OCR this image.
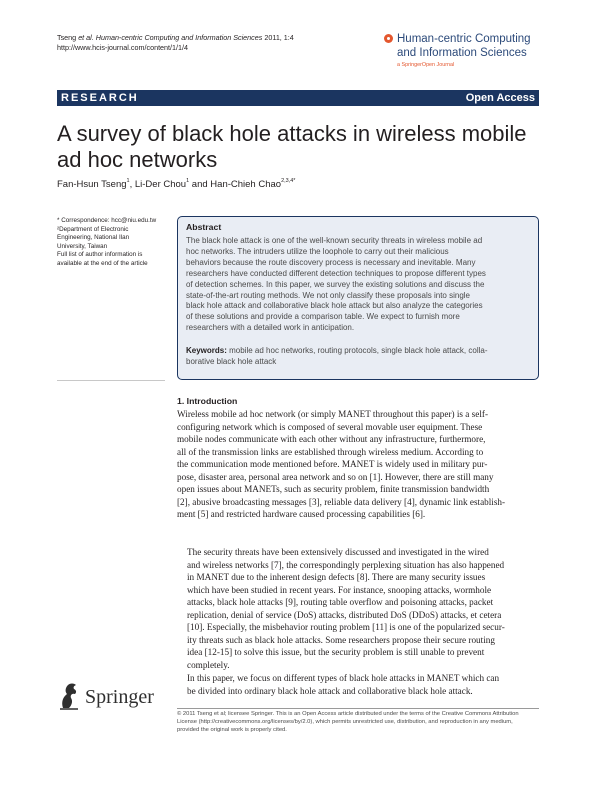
Tseng et al. Human-centric Computing and Information Sciences 2011, 1:4
http://www.hcis-journal.com/content/1/1/4
Human-centric Computing
and Information Sciences
a SpringerOpen Journal
RESEARCH	Open Access
A survey of black hole attacks in wireless mobile
ad hoc networks
Fan-Hsun Tseng$^1$, Li-Der Chou$^1$ and Han-Chieh Chao$^{2,3,4*}$
* Correspondence: hcc@niu.edu.tw
²Department of Electronic
Engineering, National Ilan
University, Taiwan
Full list of author information is
available at the end of the article
Abstract
The black hole attack is one of the well-known security threats in wireless mobile ad
hoc networks. The intruders utilize the loophole to carry out their malicious
behaviors because the route discovery process is necessary and inevitable. Many
researchers have conducted different detection techniques to propose different types
of detection schemes. In this paper, we survey the existing solutions and discuss the
state-of-the-art routing methods. We not only classify these proposals into single
black hole attack and collaborative black hole attack but also analyze the categories
of these solutions and provide a comparison table. We expect to furnish more
researchers with a detailed work in anticipation.
Keywords: mobile ad hoc networks, routing protocols, single black hole attack, colla-
borative black hole attack
1. Introduction
Wireless mobile ad hoc network (or simply MANET throughout this paper) is a self-
configuring network which is composed of several movable user equipment. These
mobile nodes communicate with each other without any infrastructure, furthermore,
all of the transmission links are established through wireless medium. According to
the communication mode mentioned before. MANET is widely used in military pur-
pose, disaster area, personal area network and so on [1]. However, there are still many
open issues about MANETs, such as security problem, finite transmission bandwidth
[2], abusive broadcasting messages [3], reliable data delivery [4], dynamic link establish-
ment [5] and restricted hardware caused processing capabilities [6].
The security threats have been extensively discussed and investigated in the wired
and wireless networks [7], the correspondingly perplexing situation has also happened
in MANET due to the inherent design defects [8]. There are many security issues
which have been studied in recent years. For instance, snooping attacks, wormhole
attacks, black hole attacks [9], routing table overflow and poisoning attacks, packet
replication, denial of service (DoS) attacks, distributed DoS (DDoS) attacks, et cetera
[10]. Especially, the misbehavior routing problem [11] is one of the popularized secur-
ity threats such as black hole attacks. Some researchers propose their secure routing
idea [12-15] to solve this issue, but the security problem is still unable to prevent
completely.
In this paper, we focus on different types of black hole attacks in MANET which can
be divided into ordinary black hole attack and collaborative black hole attack.
Springer
© 2011 Tseng et al; licensee Springer. This is an Open Access article distributed under the terms of the Creative Commons Attribution
License (http://creativecommons.org/licenses/by/2.0), which permits unrestricted use, distribution, and reproduction in any medium,
provided the original work is properly cited.
